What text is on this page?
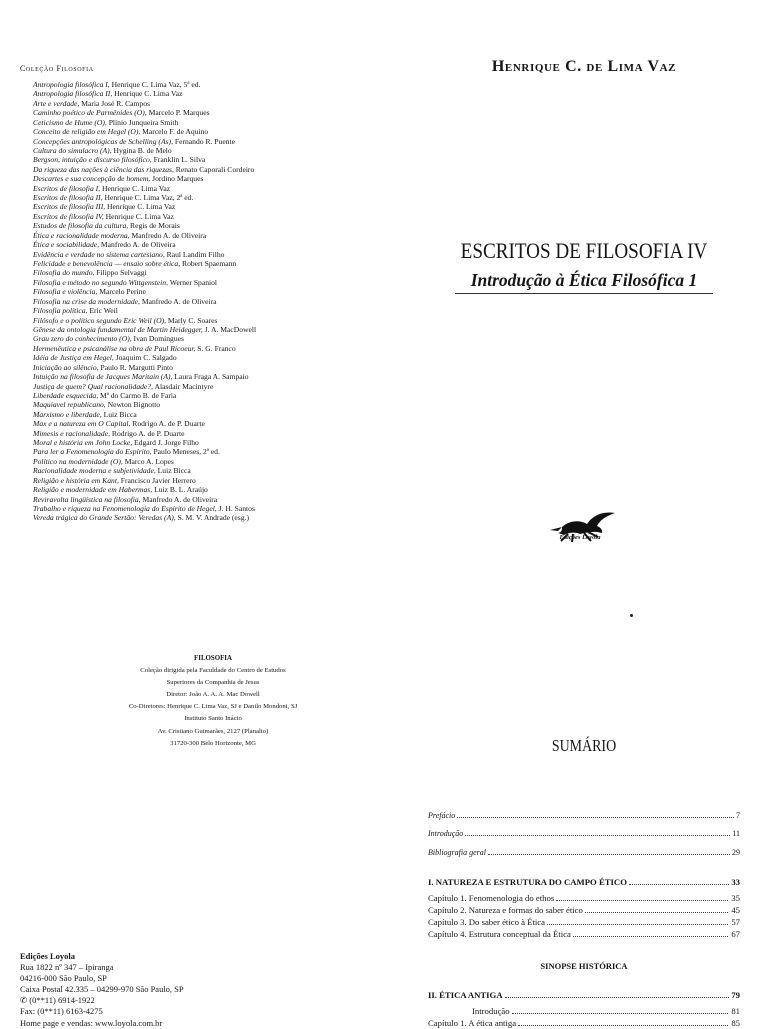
Coleção Filosofia
Antropologia filosófica I, Henrique C. Lima Vaz, 5ª ed.
Antropologia filosófica II, Henrique C. Lima Vaz
Arte e verdade, Maria José R. Campos
Caminho poético de Parmênides (O), Marcelo P. Marques
Ceticismo de Hume (O), Plínio Junqueira Smith
Conceito de religião em Hegel (O), Marcelo F. de Aquino
Concepções antropológicas de Schelling (As), Fernando R. Puente
Cultura do simulacro (A), Hygina B. de Melo
Bergson, intuição e discurso filosófico, Franklin L. Silva
Da riqueza das nações à ciência das riquezas, Renato Caporali Cordeiro
Descartes e sua concepção de homem, Jordino Marques
Escritos de filosofia I, Henrique C. Lima Vaz
Escritos de filosofia II, Henrique C. Lima Vaz, 2ª ed.
Escritos de filosofia III, Henrique C. Lima Vaz
Escritos de filosofia IV, Henrique C. Lima Vaz
Estudos de filosofia da cultura, Regis de Morais
Ética e racionalidade moderna, Manfredo A. de Oliveira
Ética e sociabilidade, Manfredo A. de Oliveira
Evidência e verdade no sistema cartesiano, Raul Landim Filho
Felicidade e benevolência — ensaio sobre ética, Robert Spaemann
Filosofia do mundo, Filippo Selvaggi
Filosofia e método no segundo Wittgenstein, Werner Spaniol
Filosofia e violência, Marcelo Perine
Filosofia na crise da modernidade, Manfredo A. de Oliveira
Filosofia política, Eric Weil
Filósofo e o político segundo Eric Weil (O), Marly C. Soares
Gênese da ontologia fundamental de Martin Heidegger, J. A. MacDowell
Grau zero do conhecimento (O), Ivan Domingues
Hermenêutica e psicanálise na obra de Paul Ricoeur, S. G. Franco
Idéia de Justiça em Hegel, Joaquim C. Salgado
Iniciação ao silêncio, Paulo R. Margutti Pinto
Intuição na filosofia de Jacques Maritain (A), Laura Fraga A. Sampaio
Justiça de quem? Qual racionalidade?, Alasdair Macintyre
Liberdade esquecida, Mª do Carmo B. de Faria
Maquiavel republicano, Newton Bignotto
Marxismo e liberdade, Luiz Bicca
Max e a natureza em O Capital, Rodrigo A. de P. Duarte
Mimesis e racionalidade, Rodrigo A. de P. Duarte
Moral e história em John Locke, Edgard J. Jorge Filho
Para ler a Fenomenologia do Espírito, Paulo Meneses, 2ª ed.
Político na modernidade (O), Marco A. Lopes
Racionalidade moderna e subjetividade, Luiz Bicca
Religião e história em Kant, Francisco Javier Herrero
Religião e modernidade em Habermas, Luiz B. L. Araújo
Reviravolta lingüística na filosofia, Manfredo A. de Oliveira
Trabalho e riqueza na Fenomenologia do Espírito de Hegel, J. H. Santos
Vereda trágica do Grande Sertão: Veredas (A), S. M. V. Andrade (esg.)
Henrique C. de Lima Vaz
ESCRITOS DE FILOSOFIA IV
Introdução à Ética Filosófica 1
Edições Loyola
FILOSOFIA
Coleção dirigida pela Faculdade do Centro de Estudos
Superiores da Companhia de Jesus
Diretor: João A. A. A. Mac Dowell
Co-Diretores: Henrique C. Lima Vaz, SJ e Danilo Mondoni, SJ
Instituto Santo Inácio
Av. Cristiano Guimarães, 2127 (Planalto)
31720-300 Belo Horizonte, MG
Edições Loyola
Rua 1822 nº 347 – Ipiranga
04216-000 São Paulo, SP
Caixa Postal 42.335 – 04299-970 São Paulo, SP
✆ (0**11) 6914-1922
Fax: (0**11) 6163-4275
Home page e vendas: www.loyola.com.br
SUMÁRIO
Prefácio	7
Introdução	11
Bibliografia geral	29
I. NATUREZA E ESTRUTURA DO CAMPO ÉTICO	33
Capítulo 1. Fenomenologia do ethos	35
Capítulo 2. Natureza e formas do saber ético	45
Capítulo 3. Do saber ético à Ética	57
Capítulo 4. Estrutura conceptual da Ética	67
SINOPSE HISTÓRICA
II. ÉTICA ANTIGA	79
Introdução	81
Capítulo 1. A ética antiga	85
